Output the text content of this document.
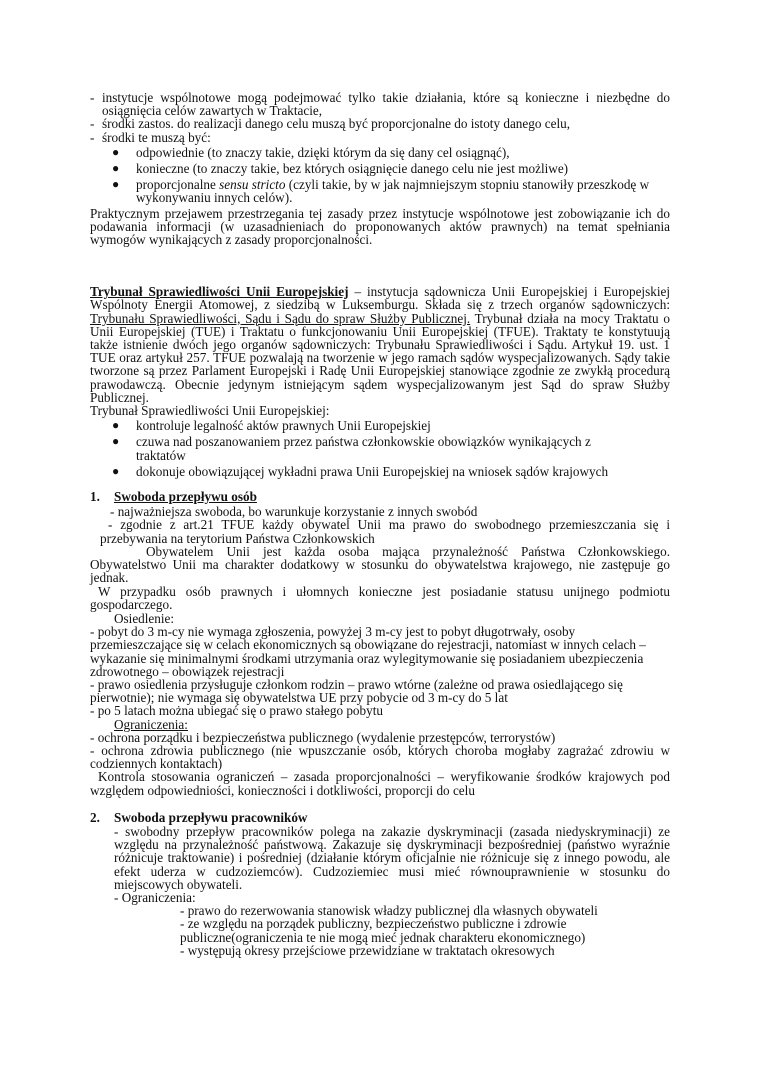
- instytucje wspólnotowe mogą podejmować tylko takie działania, które są konieczne i niezbędne do osiągnięcia celów zawartych w Traktacie,
- środki zastos. do realizacji danego celu muszą być proporcjonalne do istoty danego celu,
- środki te muszą być:
●	odpowiednie (to znaczy takie, dzięki którym da się dany cel osiągnąć),
●	konieczne (to znaczy takie, bez których osiągnięcie danego celu nie jest możliwe)
●	proporcjonalne sensu stricto (czyli takie, by w jak najmniejszym stopniu stanowiły przeszkodę w wykonywaniu innych celów).

Praktycznym przejawem przestrzegania tej zasady przez instytucje wspólnotowe jest zobowiązanie ich do podawania informacji (w uzasadnieniach do proponowanych aktów prawnych) na temat spełniania wymogów wynikających z zasady proporcjonalności.

Trybunał Sprawiedliwości Unii Europejskiej – instytucja sądownicza Unii Europejskiej i Europejskiej Wspólnoty Energii Atomowej, z siedzibą w Luksemburgu. Składa się z trzech organów sądowniczych: Trybunału Sprawiedliwości, Sądu i Sądu do spraw Służby Publicznej. Trybunał działa na mocy Traktatu o Unii Europejskiej (TUE) i Traktatu o funkcjonowaniu Unii Europejskiej (TFUE). Traktaty te konstytuują także istnienie dwóch jego organów sądowniczych: Trybunału Sprawiedliwości i Sądu. Artykuł 19. ust. 1 TUE oraz artykuł 257. TFUE pozwalają na tworzenie w jego ramach sądów wyspecjalizowanych. Sądy takie tworzone są przez Parlament Europejski i Radę Unii Europejskiej stanowiące zgodnie ze zwykłą procedurą prawodawczą. Obecnie jedynym istniejącym sądem wyspecjalizowanym jest Sąd do spraw Służby Publicznej.

Trybunał Sprawiedliwości Unii Europejskiej:

●	kontroluje legalność aktów prawnych Unii Europejskiej
●	czuwa nad poszanowaniem przez państwa członkowskie obowiązków wynikających z traktatów
●	dokonuje obowiązującej wykładni prawa Unii Europejskiej na wniosek sądów krajowych
1.	Swoboda przepływu osób
- najważniejsza swoboda, bo warunkuje korzystanie z innych swobód

- zgodnie z art.21 TFUE każdy obywatel Unii ma prawo do swobodnego przemieszczania się i przebywania na terytorium Państwa Członkowskich

Obywatelem Unii jest każda osoba mająca przynależność Państwa Członkowskiego. Obywatelstwo Unii ma charakter dodatkowy w stosunku do obywatelstwa krajowego, nie zastępuje go jednak.

W przypadku osób prawnych i ułomnych konieczne jest posiadanie statusu unijnego podmiotu gospodarczego.

Osiedlenie:

- pobyt do 3 m-cy nie wymaga zgłoszenia, powyżej 3 m-cy jest to pobyt długotrwały, osoby przemieszczające się w celach ekonomicznych są obowiązane do rejestracji, natomiast w innych celach – wykazanie się minimalnymi środkami utrzymania oraz wylegitymowanie się posiadaniem ubezpieczenia zdrowotnego – obowiązek rejestracji

- prawo osiedlenia przysługuje członkom rodzin – prawo wtórne (zależne od prawa osiedlającego się pierwotnie); nie wymaga się obywatelstwa UE przy pobycie od 3 m-cy do 5 lat

- po 5 latach można ubiegać się o prawo stałego pobytu

Ograniczenia:

- ochrona porządku i bezpieczeństwa publicznego (wydalenie przestępców, terrorystów)

- ochrona zdrowia publicznego (nie wpuszczanie osób, których choroba mogłaby zagrażać zdrowiu w codziennych kontaktach)

Kontrola stosowania ograniczeń – zasada proporcjonalności – weryfikowanie środków krajowych pod względem odpowiedniości, konieczności i dotkliwości, proporcji do celu

2.	Swoboda przepływu pracowników

- swobodny przepływ pracowników polega na zakazie dyskryminacji (zasada niedyskryminacji) ze względu na przynależność państwową. Zakazuje się dyskryminacji bezpośredniej (państwo wyraźnie różnicuje traktowanie) i pośredniej (działanie którym oficjalnie nie różnicuje się z innego powodu, ale efekt uderza w cudzoziemców). Cudzoziemiec musi mieć równouprawnienie w stosunku do miejscowych obywateli.

- Ograniczenia:

- prawo do rezerwowania stanowisk władzy publicznej dla własnych obywateli

- ze względu na porządek publiczny, bezpieczeństwo publiczne i zdrowie publiczne(ograniczenia te nie mogą mieć jednak charakteru ekonomicznego)

- występują okresy przejściowe przewidziane w traktatach okresowych
